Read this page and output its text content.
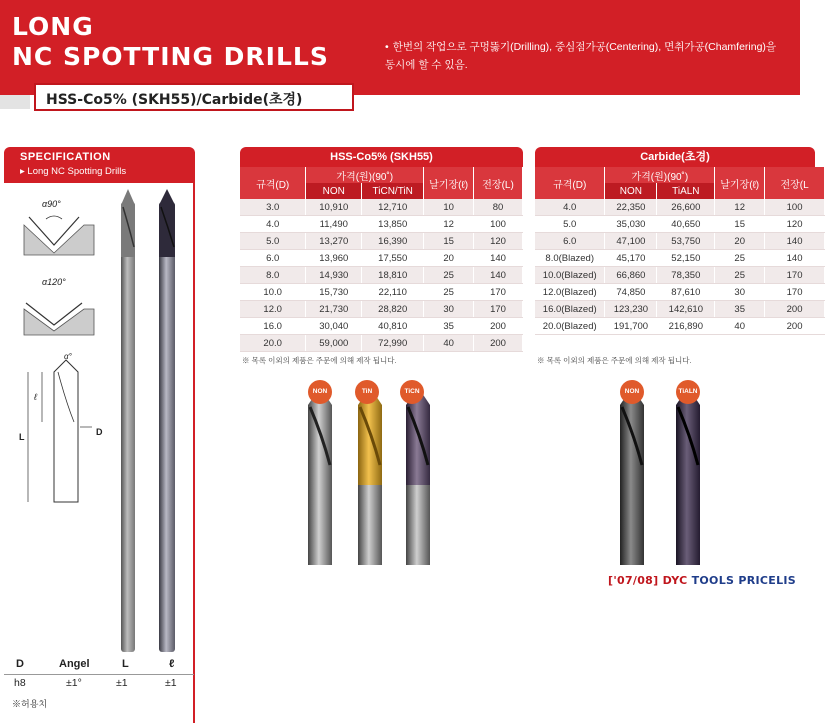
LONG
NC SPOTTING DRILLS	• 한번의 작업으로 구멍뚫기(Drilling), 중심점가공(Centering), 면취가공(Chamfering)을
동시에 할 수 있음.
HSS-Co5% (SKH55)/Carbide(초경)
SPECIFICATION
▸ Long NC Spotting Drills
α90°
α120°
α°
ℓ
L	D
D	Angel	L	ℓ
h8	±1°	±1	±1
※허용치
HSS-Co5% (SKH55)
규격(D)	가격(원)(90˚)		날기장(ℓ)	전장(L)
	NON	TiCN/TiN		
3.0	10,910	12,710	10	80
4.0	11,490	13,850	12	100
5.0	13,270	16,390	15	120
6.0	13,960	17,550	20	140
8.0	14,930	18,810	25	140
10.0	15,730	22,110	25	170
12.0	21,730	28,820	30	170
16.0	30,040	40,810	35	200
20.0	59,000	72,990	40	200
※ 목록 이외의 제품은 주문에 의해 제작 됩니다.
Carbide(초경)
규격(D)	가격(원)(90˚)		날기장(ℓ)	전장(L
	NON	TiALN		
4.0	22,350	26,600	12	100
5.0	35,030	40,650	15	120
6.0	47,100	53,750	20	140
8.0(Blazed)	45,170	52,150	25	140
10.0(Blazed)	66,860	78,350	25	170
12.0(Blazed)	74,850	87,610	30	170
16.0(Blazed)	123,230	142,610	35	200
20.0(Blazed)	191,700	216,890	40	200
※ 목록 이외의 제품은 주문에 의해 제작 됩니다.
NON	TiN	TiCN	NON	TiALN
['07/08] DYC TOOLS PRICELIS
